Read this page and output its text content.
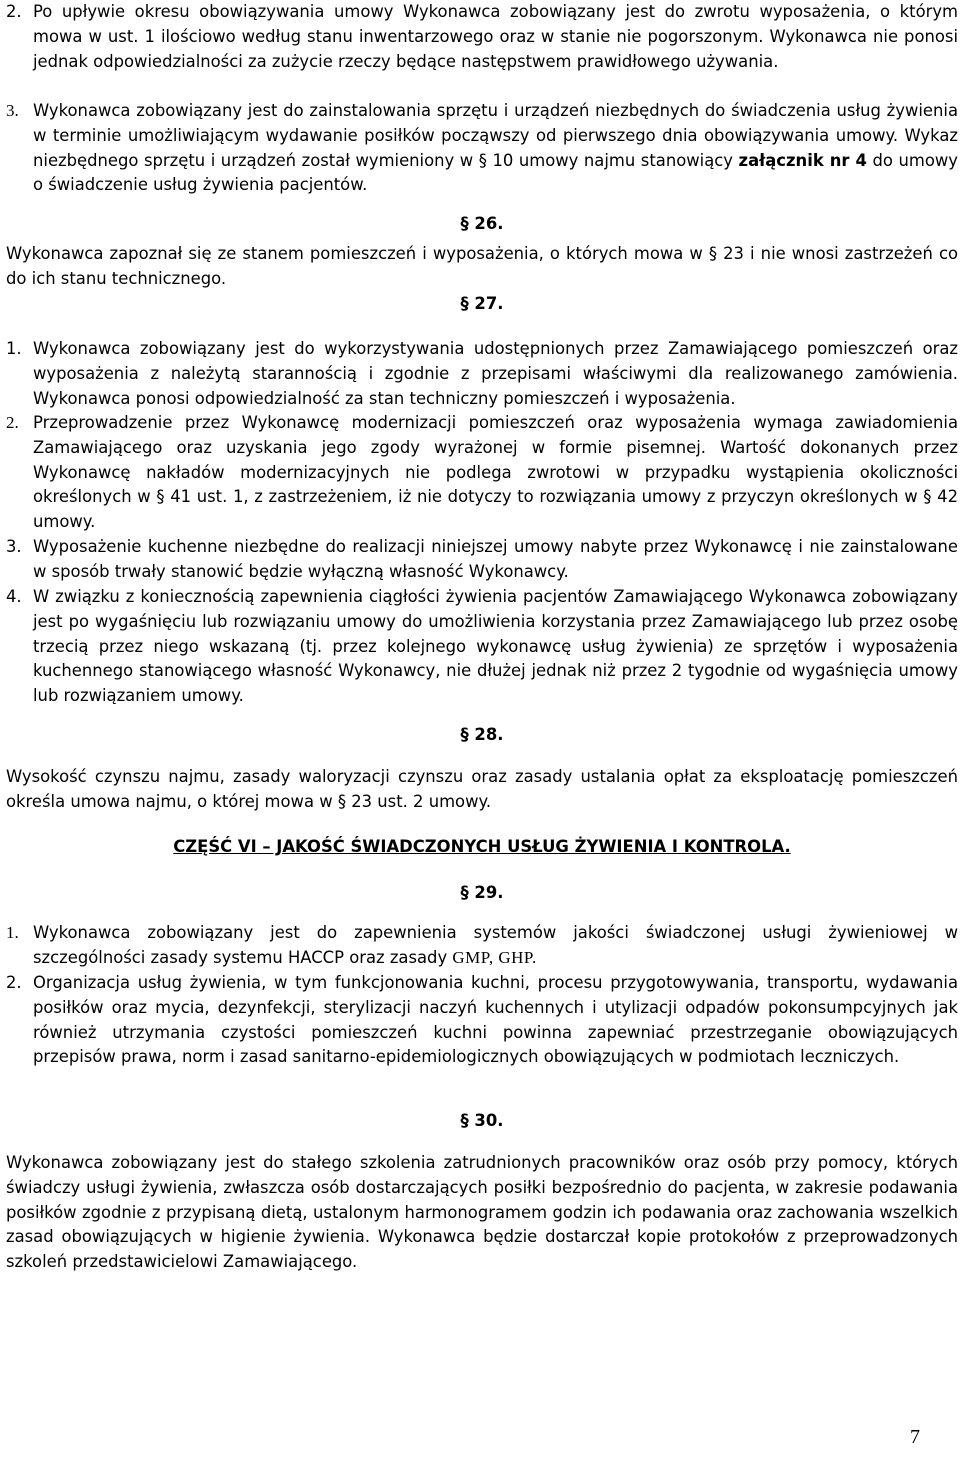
2. Po upływie okresu obowiązywania umowy Wykonawca zobowiązany jest do zwrotu wyposażenia, o którym mowa w ust. 1 ilościowo według stanu inwentarzowego oraz w stanie nie pogorszonym. Wykonawca nie ponosi jednak odpowiedzialności za zużycie rzeczy będące następstwem prawidłowego używania.
3. Wykonawca zobowiązany jest do zainstalowania sprzętu i urządzeń niezbędnych do świadczenia usług żywienia w terminie umożliwiającym wydawanie posiłków począwszy od pierwszego dnia obowiązywania umowy. Wykaz niezbędnego sprzętu i urządzeń został wymieniony w § 10 umowy najmu stanowiący załącznik nr 4 do umowy o świadczenie usług żywienia pacjentów.
§ 26.
Wykonawca zapoznał się ze stanem pomieszczeń i wyposażenia, o których mowa w § 23 i nie wnosi zastrzeżeń co do ich stanu technicznego.
§ 27.
1. Wykonawca zobowiązany jest do wykorzystywania udostępnionych przez Zamawiającego pomieszczeń oraz wyposażenia z należytą starannością i zgodnie z przepisami właściwymi dla realizowanego zamówienia. Wykonawca ponosi odpowiedzialność za stan techniczny pomieszczeń i wyposażenia.
2. Przeprowadzenie przez Wykonawcę modernizacji pomieszczeń oraz wyposażenia wymaga zawiadomienia Zamawiającego oraz uzyskania jego zgody wyrażonej w formie pisemnej. Wartość dokonanych przez Wykonawcę nakładów modernizacyjnych nie podlega zwrotowi w przypadku wystąpienia okoliczności określonych w § 41 ust. 1, z zastrzeżeniem, iż nie dotyczy to rozwiązania umowy z przyczyn określonych w § 42 umowy.
3. Wyposażenie kuchenne niezbędne do realizacji niniejszej umowy nabyte przez Wykonawcę i nie zainstalowane w sposób trwały stanowić będzie wyłączną własność Wykonawcy.
4. W związku z koniecznością zapewnienia ciągłości żywienia pacjentów Zamawiającego Wykonawca zobowiązany jest po wygaśnięciu lub rozwiązaniu umowy do umożliwienia korzystania przez Zamawiającego lub przez osobę trzecią przez niego wskazaną (tj. przez kolejnego wykonawcę usług żywienia) ze sprzętów i wyposażenia kuchennego stanowiącego własność Wykonawcy, nie dłużej jednak niż przez 2 tygodnie od wygaśnięcia umowy lub rozwiązaniem umowy.
§ 28.
Wysokość czynszu najmu, zasady waloryzacji czynszu oraz zasady ustalania opłat za eksploatację pomieszczeń określa umowa najmu, o której mowa w § 23 ust. 2 umowy.
CZĘŚĆ VI – JAKOŚĆ ŚWIADCZONYCH USŁUG ŻYWIENIA I KONTROLA.
§ 29.
1. Wykonawca zobowiązany jest do zapewnienia systemów jakości świadczonej usługi żywieniowej w szczególności zasady systemu HACCP oraz zasady GMP, GHP.
2. Organizacja usług żywienia, w tym funkcjonowania kuchni, procesu przygotowywania, transportu, wydawania posiłków oraz mycia, dezynfekcji, sterylizacji naczyń kuchennych i utylizacji odpadów pokonsumpcyjnych jak również utrzymania czystości pomieszczeń kuchni powinna zapewniać przestrzeganie obowiązujących przepisów prawa, norm i zasad sanitarno-epidemiologicznych obowiązujących w podmiotach leczniczych.
§ 30.
Wykonawca zobowiązany jest do stałego szkolenia zatrudnionych pracowników oraz osób przy pomocy, których świadczy usługi żywienia, zwłaszcza osób dostarczających posiłki bezpośrednio do pacjenta, w zakresie podawania posiłków zgodnie z przypisaną dietą, ustalonym harmonogramem godzin ich podawania oraz zachowania wszelkich zasad obowiązujących w higienie żywienia. Wykonawca będzie dostarczał kopie protokołów z przeprowadzonych szkoleń przedstawicielowi Zamawiającego.
7
